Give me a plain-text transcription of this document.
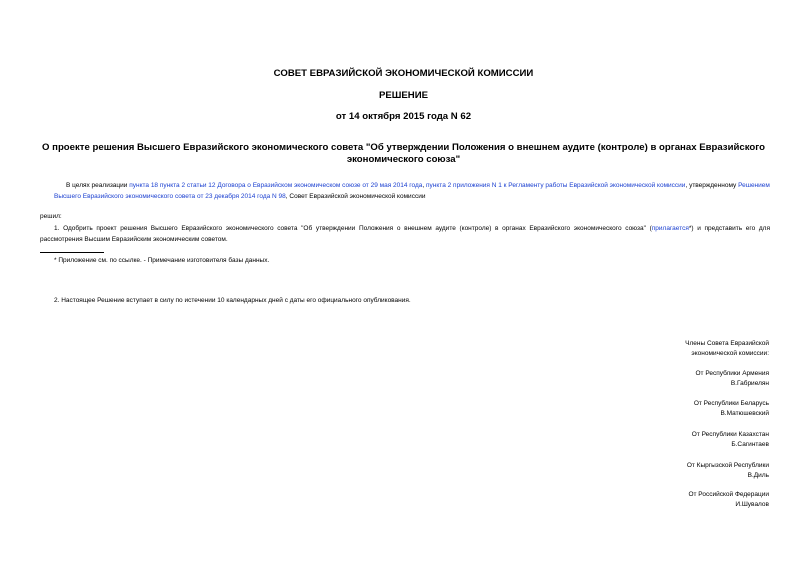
СОВЕТ ЕВРАЗИЙСКОЙ ЭКОНОМИЧЕСКОЙ КОМИССИИ
РЕШЕНИЕ
от 14 октября 2015 года N 62
О проекте решения Высшего Евразийского экономического совета "Об утверждении Положения о внешнем аудите (контроле) в органах Евразийского экономического союза"
В целях реализации пункта 18 пункта 2 статьи 12 Договора о Евразийском экономическом союзе от 29 мая 2014 года, пункта 2 приложения N 1 к Регламенту работы Евразийской экономической комиссии, утвержденному Решением Высшего Евразийского экономического совета от 23 декабря 2014 года N 98, Совет Евразийской экономической комиссии
решил:
1. Одобрить проект решения Высшего Евразийского экономического совета "Об утверждении Положения о внешнем аудите (контроле) в органах Евразийского экономического союза" (прилагается*) и представить его для рассмотрения Высшим Евразийским экономическим советом.
* Приложение см. по ссылке. - Примечание изготовителя базы данных.
2. Настоящее Решение вступает в силу по истечении 10 календарных дней с даты его официального опубликования.
Члены Совета Евразийской
экономической комиссии:
От Республики Армения
В.Габриелян
От Республики Беларусь
В.Матюшевский
От Республики Казахстан
Б.Сагинтаев
От Кыргызской Республики
В.Диль
От Российской Федерации
И.Шувалов
